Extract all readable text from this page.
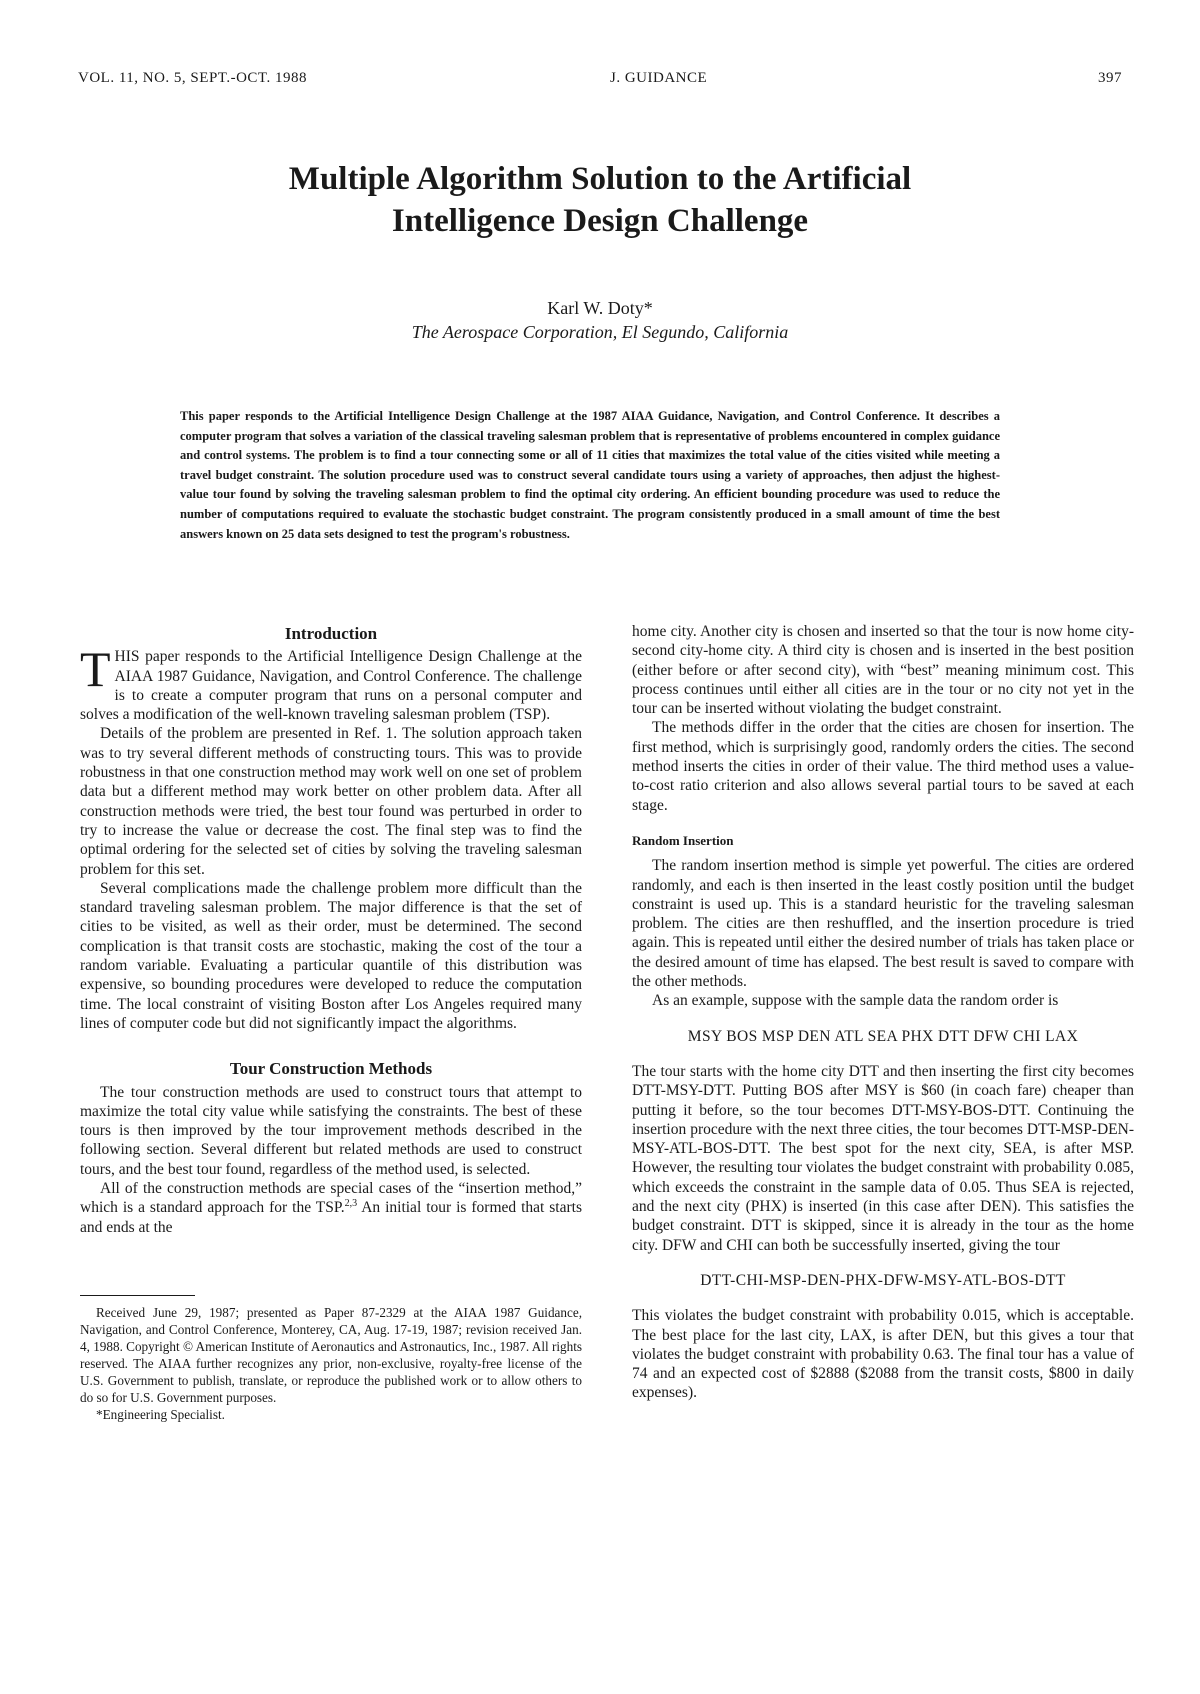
VOL. 11, NO. 5, SEPT.-OCT. 1988	J. GUIDANCE	397
Multiple Algorithm Solution to the Artificial
Intelligence Design Challenge
Karl W. Doty*
The Aerospace Corporation, El Segundo, California
This paper responds to the Artificial Intelligence Design Challenge at the 1987 AIAA Guidance, Navigation, and Control Conference. It describes a computer program that solves a variation of the classical traveling salesman problem that is representative of problems encountered in complex guidance and control systems. The problem is to find a tour connecting some or all of 11 cities that maximizes the total value of the cities visited while meeting a travel budget constraint. The solution procedure used was to construct several candidate tours using a variety of approaches, then adjust the highest-value tour found by solving the traveling salesman problem to find the optimal city ordering. An efficient bounding procedure was used to reduce the number of computations required to evaluate the stochastic budget constraint. The program consistently produced in a small amount of time the best answers known on 25 data sets designed to test the program's robustness.
Introduction

THIS paper responds to the Artificial Intelligence Design Challenge at the AIAA 1987 Guidance, Navigation, and Control Conference. The challenge is to create a computer program that runs on a personal computer and solves a modification of the well-known traveling salesman problem (TSP).

Details of the problem are presented in Ref. 1. The solution approach taken was to try several different methods of constructing tours. This was to provide robustness in that one construction method may work well on one set of problem data but a different method may work better on other problem data. After all construction methods were tried, the best tour found was perturbed in order to try to increase the value or decrease the cost. The final step was to find the optimal ordering for the selected set of cities by solving the traveling salesman problem for this set.

Several complications made the challenge problem more difficult than the standard traveling salesman problem. The major difference is that the set of cities to be visited, as well as their order, must be determined. The second complication is that transit costs are stochastic, making the cost of the tour a random variable. Evaluating a particular quantile of this distribution was expensive, so bounding procedures were developed to reduce the computation time. The local constraint of visiting Boston after Los Angeles required many lines of computer code but did not significantly impact the algorithms.

Tour Construction Methods

The tour construction methods are used to construct tours that attempt to maximize the total city value while satisfying the constraints. The best of these tours is then improved by the tour improvement methods described in the following section. Several different but related methods are used to construct tours, and the best tour found, regardless of the method used, is selected.

All of the construction methods are special cases of the “insertion method,” which is a standard approach for the TSP.$^{2,3}$ An initial tour is formed that starts and ends at the

Received June 29, 1987; presented as Paper 87-2329 at the AIAA 1987 Guidance, Navigation, and Control Conference, Monterey, CA, Aug. 17-19, 1987; revision received Jan. 4, 1988. Copyright © American Institute of Aeronautics and Astronautics, Inc., 1987. All rights reserved. The AIAA further recognizes any prior, non-exclusive, royalty-free license of the U.S. Government to publish, translate, or reproduce the published work or to allow others to do so for U.S. Government purposes.
*Engineering Specialist.

home city. Another city is chosen and inserted so that the tour is now home city-second city-home city. A third city is chosen and is inserted in the best position (either before or after second city), with “best” meaning minimum cost. This process continues until either all cities are in the tour or no city not yet in the tour can be inserted without violating the budget constraint.

The methods differ in the order that the cities are chosen for insertion. The first method, which is surprisingly good, randomly orders the cities. The second method inserts the cities in order of their value. The third method uses a value-to-cost ratio criterion and also allows several partial tours to be saved at each stage.

Random Insertion

The random insertion method is simple yet powerful. The cities are ordered randomly, and each is then inserted in the least costly position until the budget constraint is used up. This is a standard heuristic for the traveling salesman problem. The cities are then reshuffled, and the insertion procedure is tried again. This is repeated until either the desired number of trials has taken place or the desired amount of time has elapsed. The best result is saved to compare with the other methods.

As an example, suppose with the sample data the random order is

MSY BOS MSP DEN ATL SEA PHX DTT DFW CHI LAX

The tour starts with the home city DTT and then inserting the first city becomes DTT-MSY-DTT. Putting BOS after MSY is $60 (in coach fare) cheaper than putting it before, so the tour becomes DTT-MSY-BOS-DTT. Continuing the insertion procedure with the next three cities, the tour becomes DTT-MSP-DEN-MSY-ATL-BOS-DTT. The best spot for the next city, SEA, is after MSP. However, the resulting tour violates the budget constraint with probability 0.085, which exceeds the constraint in the sample data of 0.05. Thus SEA is rejected, and the next city (PHX) is inserted (in this case after DEN). This satisfies the budget constraint. DTT is skipped, since it is already in the tour as the home city. DFW and CHI can both be successfully inserted, giving the tour

DTT-CHI-MSP-DEN-PHX-DFW-MSY-ATL-BOS-DTT

This violates the budget constraint with probability 0.015, which is acceptable. The best place for the last city, LAX, is after DEN, but this gives a tour that violates the budget constraint with probability 0.63. The final tour has a value of 74 and an expected cost of $2888 ($2088 from the transit costs, $800 in daily expenses).
